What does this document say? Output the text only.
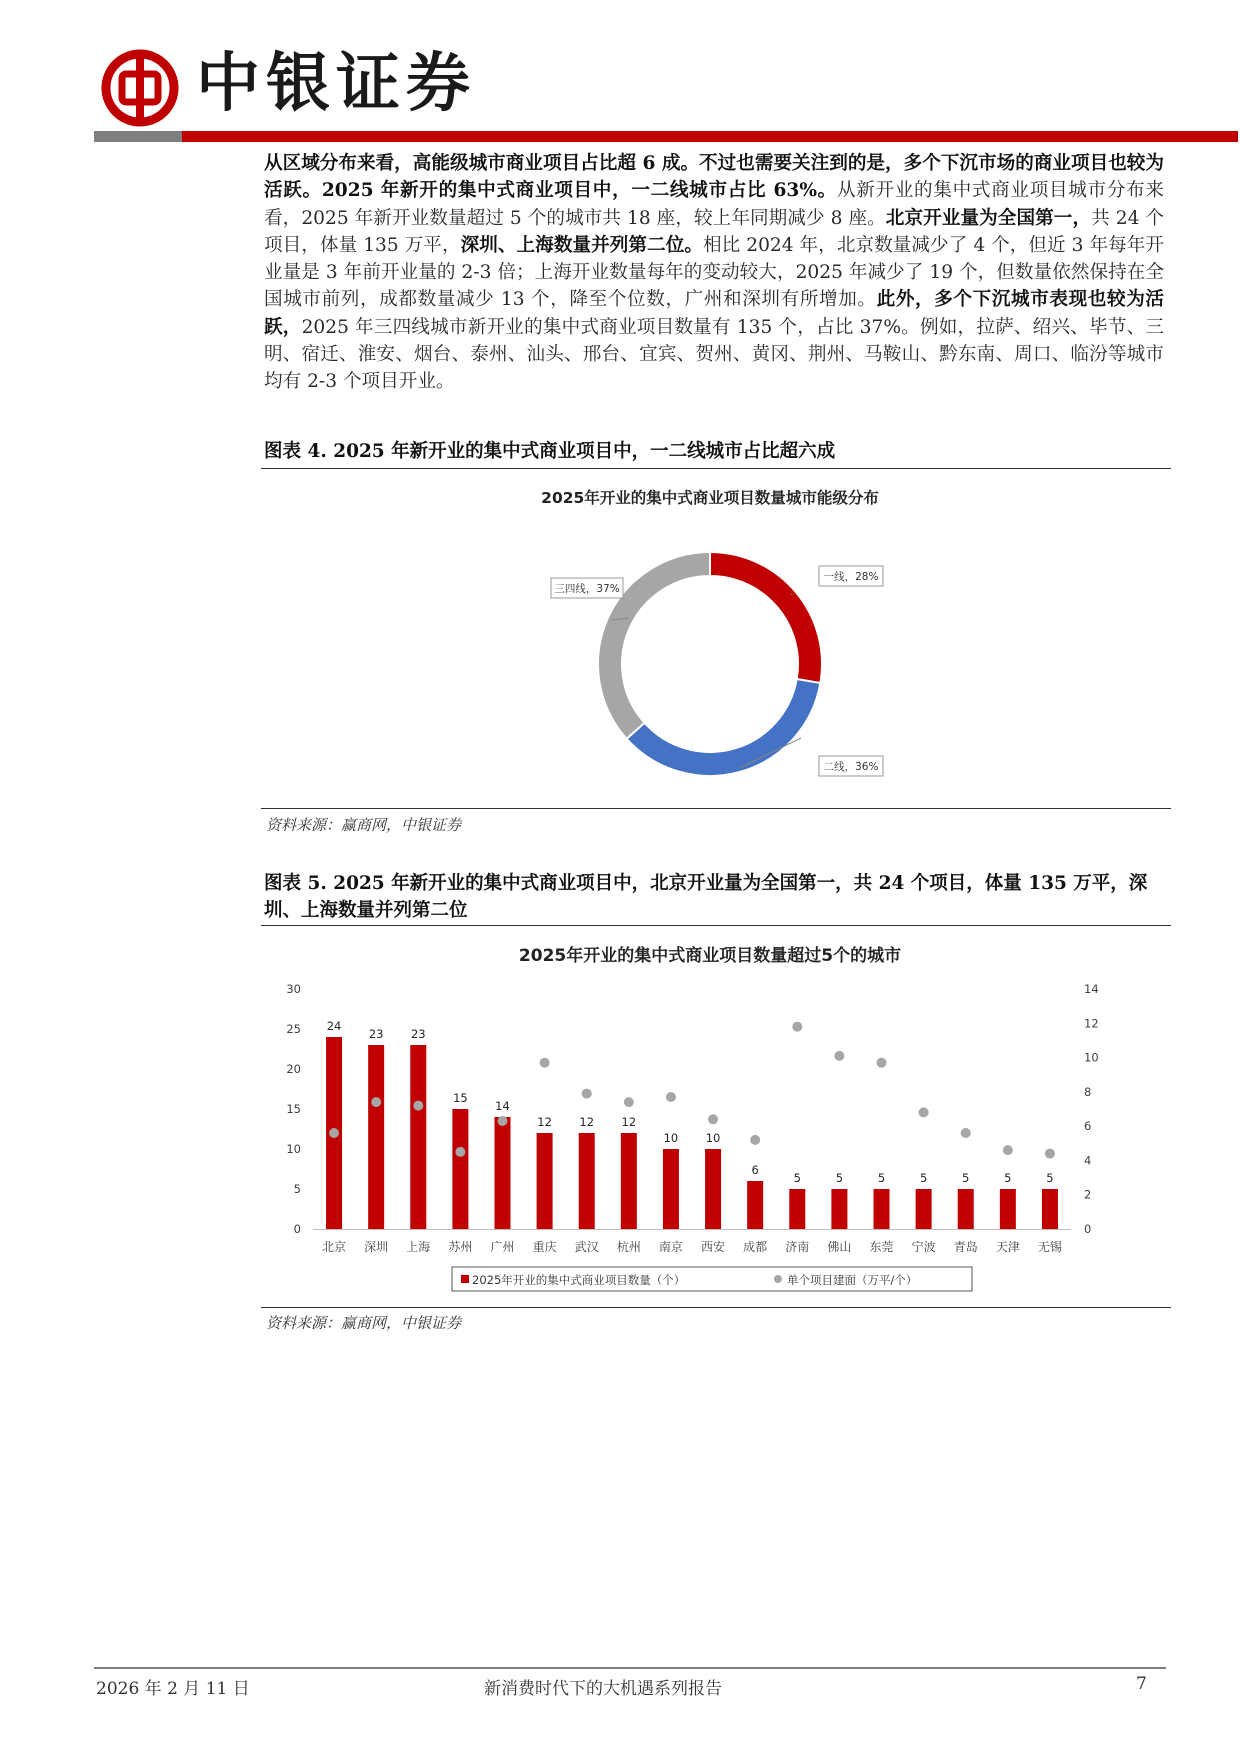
中银证券
从区域分布来看，高能级城市商业项目占比超 6 成。不过也需要关注到的是，多个下沉市场的商业项目也较为活跃。2025 年新开的集中式商业项目中，一二线城市占比 63%。从新开业的集中式商业项目城市分布来看，2025 年新开业数量超过 5 个的城市共 18 座，较上年同期减少 8 座。北京开业量为全国第一，共 24 个项目，体量 135 万平，深圳、上海数量并列第二位。相比 2024 年，北京数量减少了 4 个，但近 3 年每年开业量是 3 年前开业量的 2-3 倍；上海开业数量每年的变动较大，2025 年减少了 19 个，但数量依然保持在全国城市前列，成都数量减少 13 个，降至个位数，广州和深圳有所增加。此外，多个下沉城市表现也较为活跃，2025 年三四线城市新开业的集中式商业项目数量有 135 个，占比 37%。例如，拉萨、绍兴、毕节、三明、宿迁、淮安、烟台、泰州、汕头、邢台、宜宾、贺州、黄冈、荆州、马鞍山、黔东南、周口、临汾等城市均有 2-3 个项目开业。
图表 4. 2025 年新开业的集中式商业项目中，一二线城市占比超六成
2025年开业的集中式商业项目数量城市能级分布
一线，28%
二线，36%
三四线，37%
资料来源：赢商网，中银证券
图表 5. 2025 年新开业的集中式商业项目中，北京开业量为全国第一，共 24 个项目，体量 135 万平，深圳、上海数量并列第二位
2025年开业的集中式商业项目数量超过5个的城市
0
5
10
15
20
25
30
0
2
4
6
8
10
12
14
北京 深圳 上海 苏州 广州 重庆 武汉 杭州 南京 西安 成都 济南 佛山 东莞 宁波 青岛 天津 无锡
24
23 23
15
14
12 12 12
10 10
6
5	5	5	5	5	5	5
2025年开业的集中式商业项目数量（个）	单个项目建面（万平/个）
资料来源：赢商网，中银证券
2026 年 2 月 11 日	新消费时代下的大机遇系列报告	7
